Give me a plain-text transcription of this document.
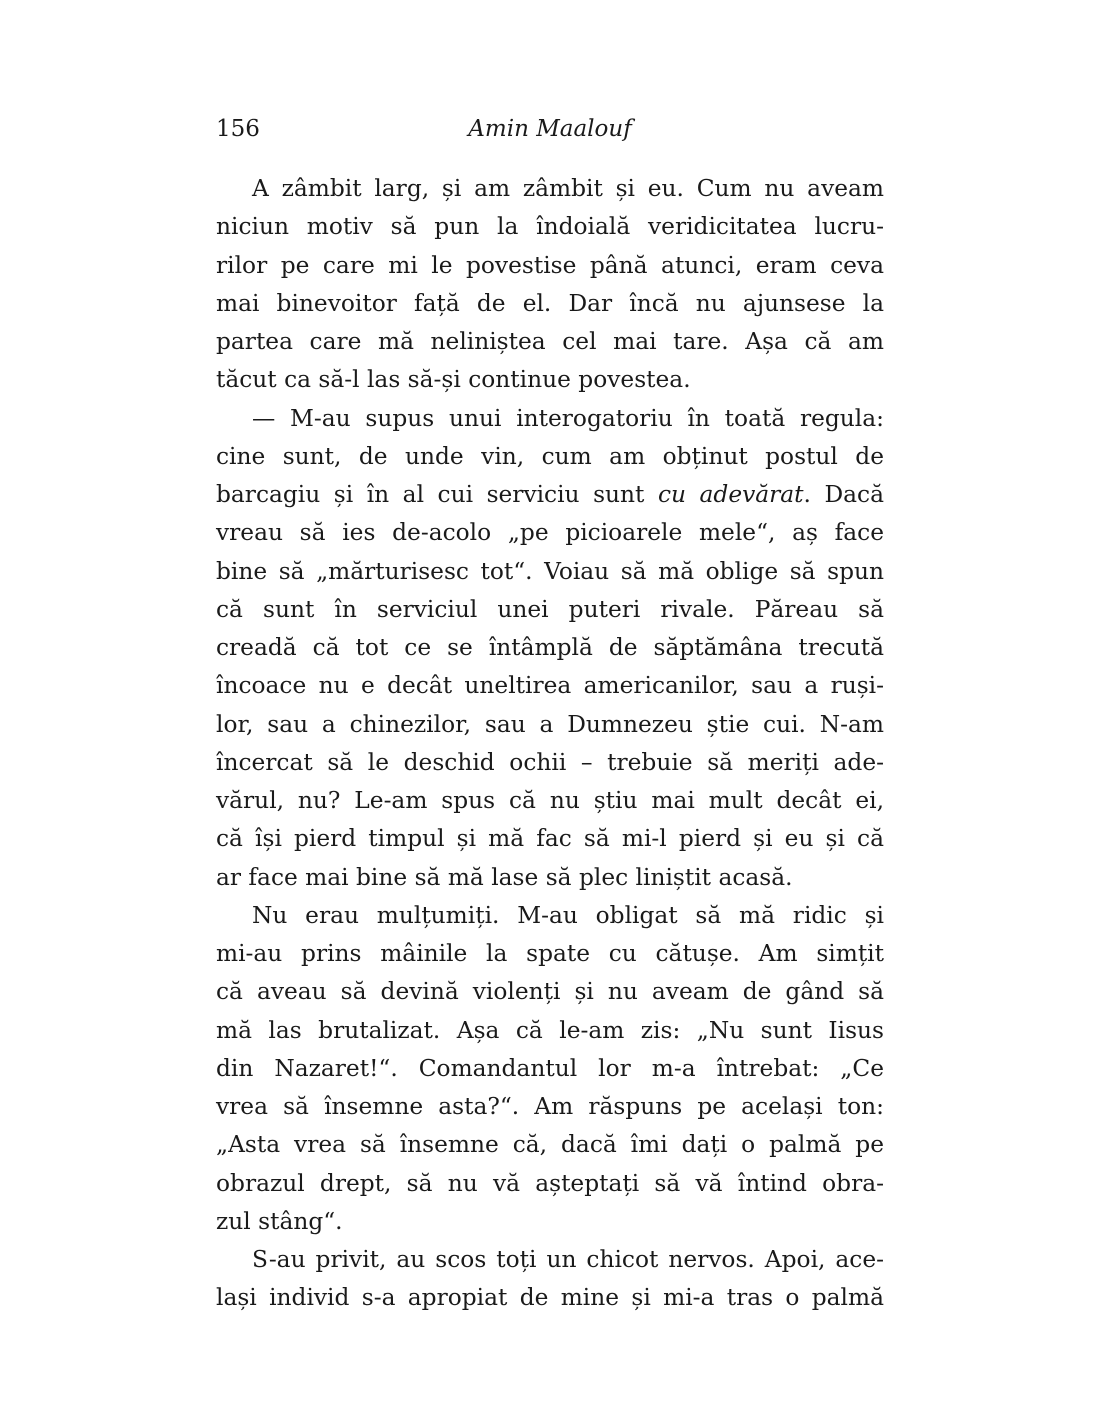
156	Amin Maalouf
A zâmbit larg, și am zâmbit și eu. Cum nu aveam
niciun motiv să pun la îndoială veridicitatea lucru-
rilor pe care mi le povestise până atunci, eram ceva
mai binevoitor față de el. Dar încă nu ajunsese la
partea care mă neliniștea cel mai tare. Așa că am
tăcut ca să-l las să-și continue povestea.
— M-au supus unui interogatoriu în toată regula:
cine sunt, de unde vin, cum am obținut postul de
barcagiu și în al cui serviciu sunt cu adevărat. Dacă
vreau să ies de-acolo „pe picioarele mele“, aș face
bine să „mărturisesc tot“. Voiau să mă oblige să spun
că sunt în serviciul unei puteri rivale. Păreau să
creadă că tot ce se întâmplă de săptămâna trecută
încoace nu e decât uneltirea americanilor, sau a ruși-
lor, sau a chinezilor, sau a Dumnezeu știe cui. N-am
încercat să le deschid ochii – trebuie să meriți ade-
vărul, nu? Le-am spus că nu știu mai mult decât ei,
că își pierd timpul și mă fac să mi-l pierd și eu și că
ar face mai bine să mă lase să plec liniștit acasă.
Nu erau mulțumiți. M-au obligat să mă ridic și
mi-au prins mâinile la spate cu cătușe. Am simțit
că aveau să devină violenți și nu aveam de gând să
mă las brutalizat. Așa că le-am zis: „Nu sunt Iisus
din Nazaret!“. Comandantul lor m-a întrebat: „Ce
vrea să însemne asta?“. Am răspuns pe același ton:
„Asta vrea să însemne că, dacă îmi dați o palmă pe
obrazul drept, să nu vă așteptați să vă întind obra-
zul stâng“.
S-au privit, au scos toți un chicot nervos. Apoi, ace-
lași individ s-a apropiat de mine și mi-a tras o palmă
